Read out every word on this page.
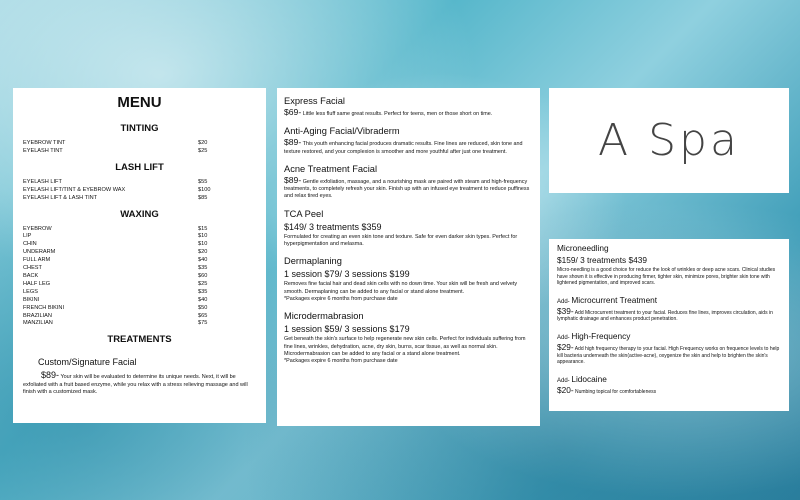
MENU
TINTING
EYEBROW TINT	$20
EYELASH TINT	$25
LASH LIFT
EYELASH LIFT	$55
EYELASH LIFT/TINT & EYEBROW WAX	$100
EYELASH LIFT & LASH TINT	$85
WAXING
EYEBROW	$15
LIP	$10
CHIN	$10
UNDERARM	$20
FULL ARM	$40
CHEST	$35
BACK	$60
HALF LEG	$25
LEGS	$35
BIKINI	$40
FRENCH BIKINI	$50
BRAZILIAN	$65
MANZILIAN	$75
TREATMENTS
Custom/Signature Facial
$89- Your skin will be evaluated to determine its unique needs. Next, it will be exfoliated with a fruit based enzyme, while you relax with a stress relieving massage and will finish with a customized mask.
Express Facial
$69- Little less fluff same great results. Perfect for teens, men or those short on time.
Anti-Aging Facial/Vibraderm
$89- This youth enhancing facial produces dramatic results. Fine lines are reduced, skin tone and texture restored, and your complexion is smoother and more youthful after just one treatment.
Acne Treatment Facial
$89- Gentle exfoliation, massage, and a nourishing mask are paired with steam and high-frequency treatments, to completely refresh your skin. Finish up with an infused eye treatment to reduce puffiness and relax tired eyes.
TCA Peel
$149/ 3 treatments $359
Formulated for creating an even skin tone and texture. Safe for even darker skin types. Perfect for hyperpigmentation and melasma.
Dermaplaning
1 session $79/ 3 sessions $199
Removes fine facial hair and dead skin cells with no down time. Your skin will be fresh and velvety smooth. Dermaplaning can be added to any facial or stand alone treatment.
*Packages expire 6 months from purchase date
Microdermabrasion
1 session $59/ 3 sessions $179
Get beneath the skin's surface to help regenerate new skin cells. Perfect for individuals suffering from fine lines, wrinkles, dehydration, acne, dry skin, burns, scar tissue, as well as normal skin. Microdermabrasion can be added to any facial or a stand alone treatment.
*Packages expire 6 months from purchase date
A Spa
Microneedling
$159/ 3 treatments $439
Micro-needling is a good choice for reduce the look of wrinkles or deep acne scars. Clinical studies have shown it is effective in producing firmer, tighter skin, minimize pores, brighter skin tone with lightened pigmentation, and improved scars.
Add- Microcurrent Treatment
$39- Add Microcurrent treatment to your facial. Reduces fine lines, improves circulation, aids in lymphatic drainage and enhances product penetration.
Add- High-Frequency
$29- Add high frequency therapy to your facial. High Frequency works on frequence levels to help kill bacteria underneath the skin(active-acne), oxygenize the skin and help to brighten the skin's appearance.
Add- Lidocaine
$20- Numbing topical for comfortableness
